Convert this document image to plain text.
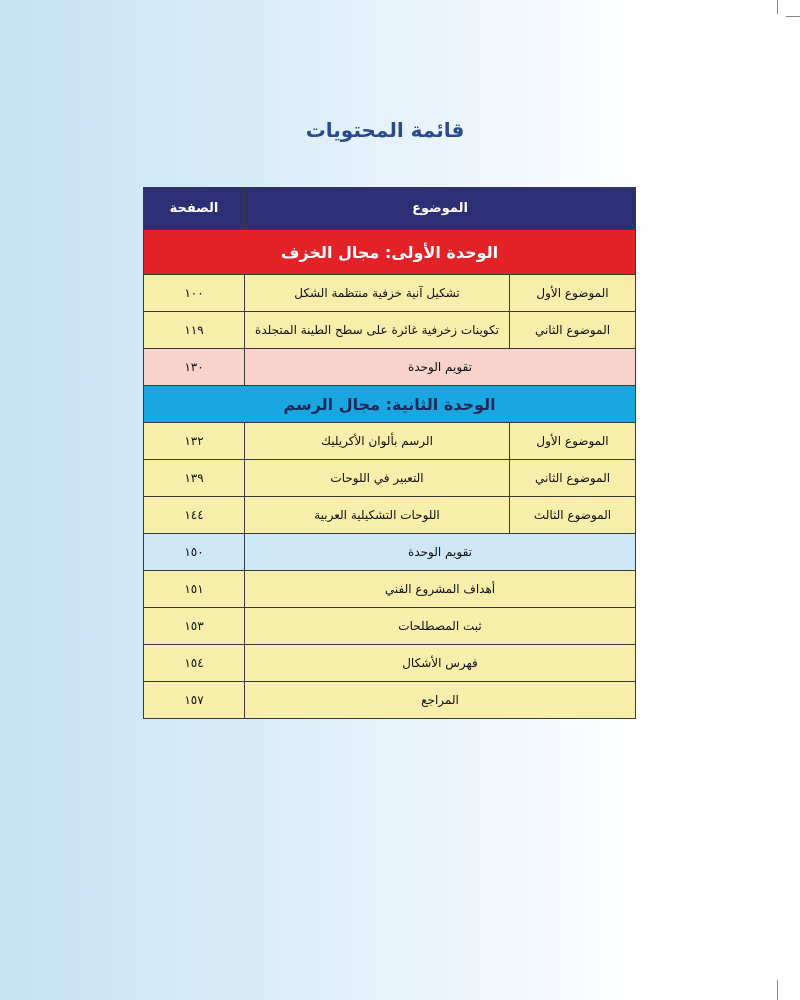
قائمة المحتويات
الموضوع		الصفحة
الوحدة الأولى: مجال الخزف		
الموضوع الأول	تشكيل آنية خزفية منتظمة الشكل	١٠٠
الموضوع الثاني	تكوينات زخرفية غائرة على سطح الطينة المتجلدة	١١٩
تقويم الوحدة		١٣٠
الوحدة الثانية: مجال الرسم		
الموضوع الأول	الرسم بألوان الأكريليك	١٣٢
الموضوع الثاني	التعبير في اللوحات	١٣٩
الموضوع الثالث	اللوحات التشكيلية العربية	١٤٤
تقويم الوحدة		١٥٠
أهداف المشروع الفني		١٥١
ثبت المصطلحات		١٥٣
فهرس الأشكال		١٥٤
المراجع		١٥٧
